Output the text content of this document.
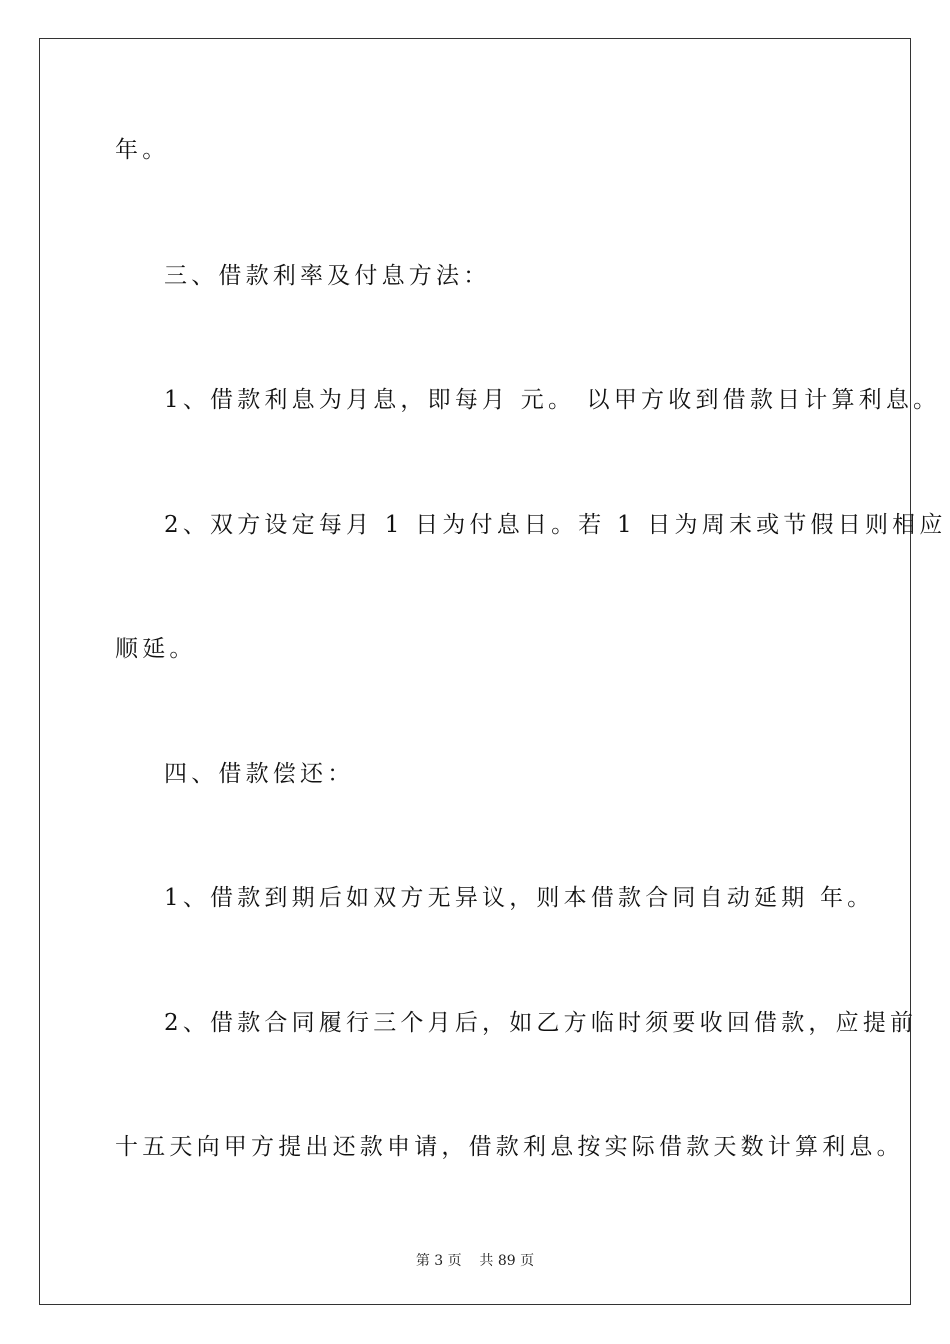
年。
三、借款利率及付息方法：
1、借款利息为月息，即每月 元。 以甲方收到借款日计算利息。
2、双方设定每月 1 日为付息日。若 1 日为周末或节假日则相应
顺延。
四、借款偿还：
1、借款到期后如双方无异议，则本借款合同自动延期 年。
2、借款合同履行三个月后，如乙方临时须要收回借款，应提前
十五天向甲方提出还款申请，借款利息按实际借款天数计算利息。
第 3 页    共 89 页
